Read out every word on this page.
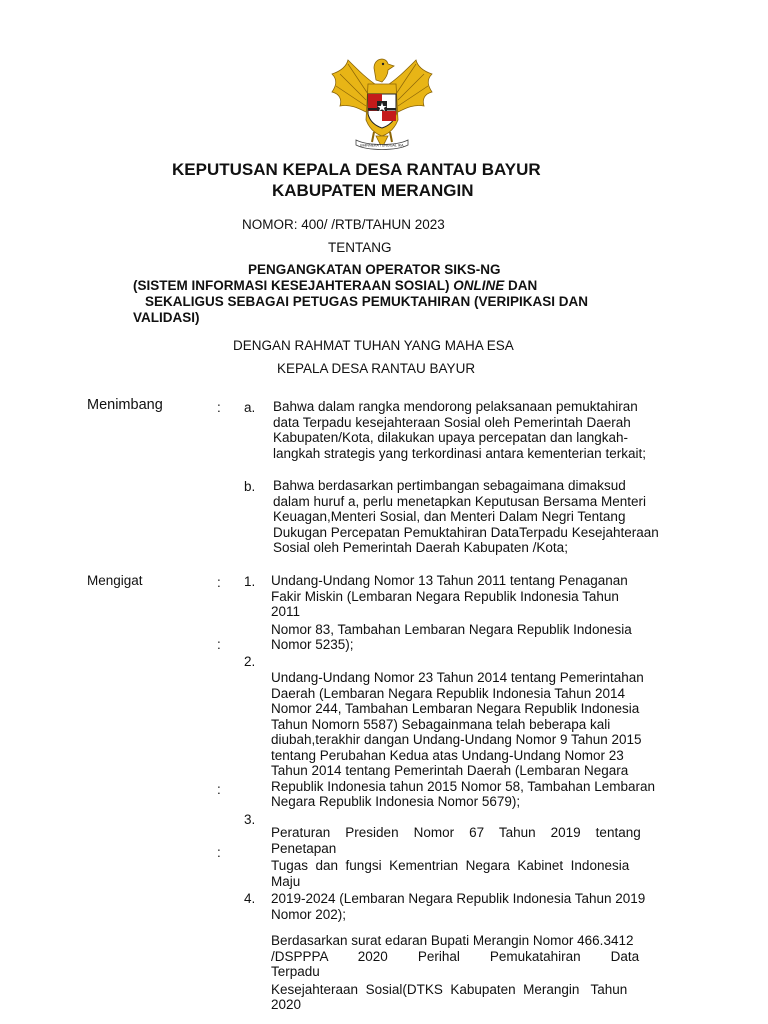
BHINNEKA TUNGGAL IKA
KEPUTUSAN KEPALA DESA RANTAU BAYUR
KABUPATEN MERANGIN
NOMOR: 400/ /RTB/TAHUN 2023
TENTANG
PENGANGKATAN OPERATOR SIKS-NG
(SISTEM INFORMASI KESEJAHTERAAN SOSIAL) ONLINE DAN
SEKALIGUS SEBAGAI PETUGAS PEMUKTAHIRAN (VERIPIKASI DAN
VALIDASI)
DENGAN RAHMAT TUHAN YANG MAHA ESA
KEPALA DESA RANTAU BAYUR
Menimbang	: a. Bahwa dalam rangka mendorong pelaksanaan pemuktahiran
data Terpadu kesejahteraan Sosial oleh Pemerintah Daerah
Kabupaten/Kota, dilakukan upaya percepatan dan langkah-
langkah strategis yang terkordinasi antara kementerian terkait;
b. Bahwa berdasarkan pertimbangan sebagaimana dimaksud
dalam huruf a, perlu menetapkan Keputusan Bersama Menteri
Keuagan,Menteri Sosial, dan Menteri Dalam Negri Tentang
Dukugan Percepatan Pemuktahiran DataTerpadu Kesejahteraan
Sosial oleh Pemerintah Daerah Kabupaten /Kota;
Mengigat	:
:
:
:
1.
2.
3.
4.
Undang-Undang Nomor 13 Tahun 2011 tentang Penaganan
Fakir Miskin (Lembaran Negara Republik Indonesia Tahun
2011
Nomor 83, Tambahan Lembaran Negara Republik Indonesia
Nomor 5235);
Undang-Undang Nomor 23 Tahun 2014 tentang Pemerintahan
Daerah (Lembaran Negara Republik Indonesia Tahun 2014
Nomor 244, Tambahan Lembaran Negara Republik Indonesia
Tahun Nomorn 5587) Sebagainmana telah beberapa kali
diubah,terakhir dangan Undang-Undang Nomor 9 Tahun 2015
tentang Perubahan Kedua atas Undang-Undang Nomor 23
Tahun 2014 tentang Pemerintah Daerah (Lembaran Negara
Republik Indonesia tahun 2015 Nomor 58, Tambahan Lembaran
Negara Republik Indonesia Nomor 5679);
Peraturan    Presiden    Nomor    67    Tahun    2019    tentang
Penetapan
Tugas  dan  fungsi  Kementrian  Negara  Kabinet  Indonesia
Maju
2019-2024 (Lembaran Negara Republik Indonesia Tahun 2019
Nomor 202);
Berdasarkan surat edaran Bupati Merangin Nomor 466.3412
/DSPPPA        2020        Perihal        Pemukatahiran        Data
Terpadu
Kesejahteraan  Sosial(DTKS  Kabupaten  Merangin   Tahun
2020
